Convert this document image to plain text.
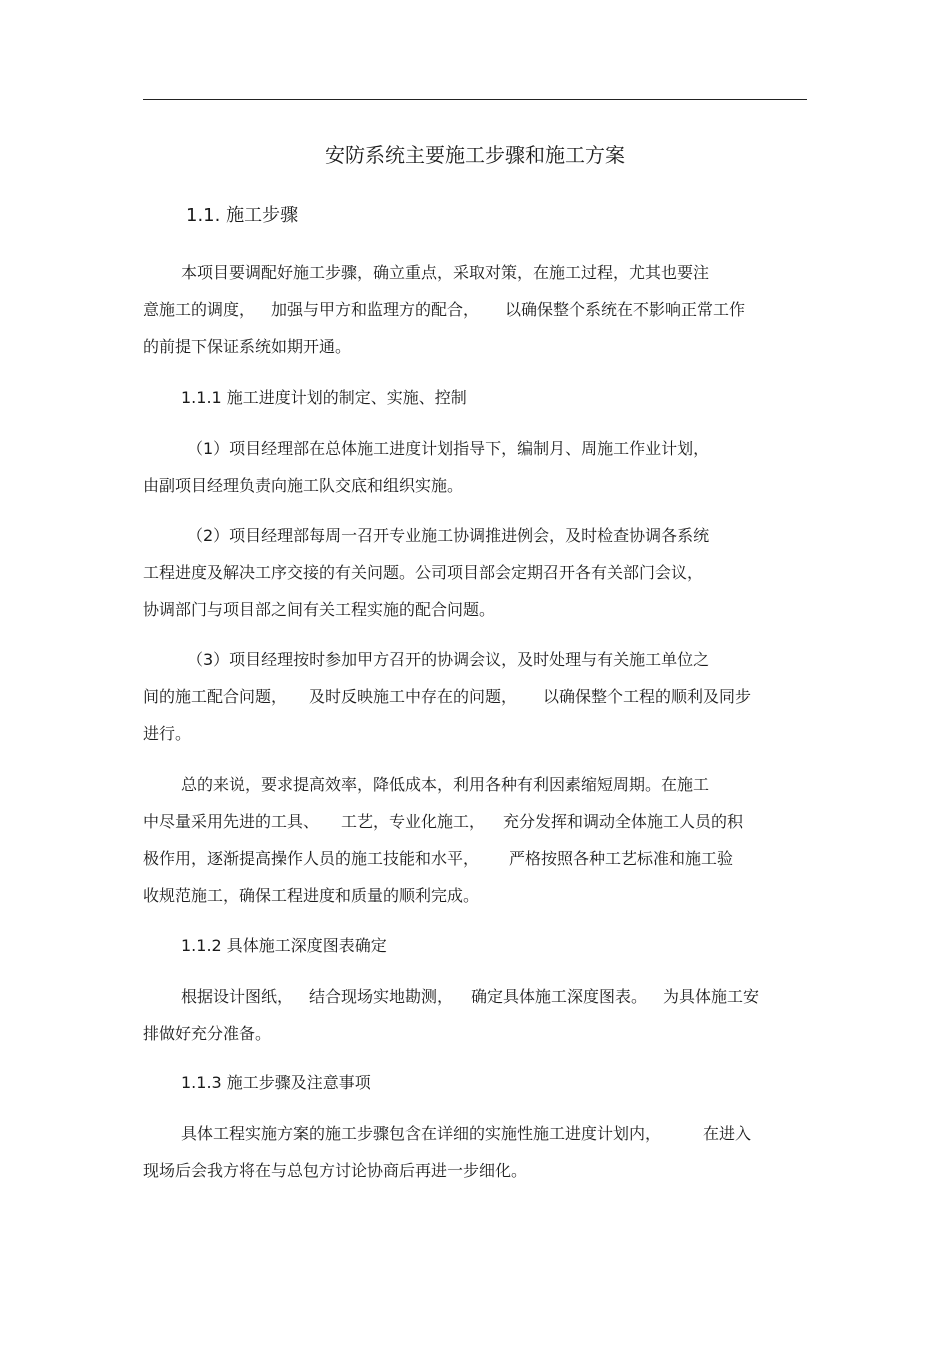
安防系统主要施工步骤和施工方案
1.1. 施工步骤
本项目要调配好施工步骤，确立重点，采取对策，在施工过程，尤其也要注
意施工的调度， 加强与甲方和监理方的配合， 以确保整个系统在不影响正常工作
的前提下保证系统如期开通。
1.1.1 施工进度计划的制定、实施、控制
（1）项目经理部在总体施工进度计划指导下，编制月、周施工作业计划，
由副项目经理负责向施工队交底和组织实施。
（2）项目经理部每周一召开专业施工协调推进例会，及时检查协调各系统
工程进度及解决工序交接的有关问题。公司项目部会定期召开各有关部门会议，
协调部门与项目部之间有关工程实施的配合问题。
（3）项目经理按时参加甲方召开的协调会议，及时处理与有关施工单位之
间的施工配合问题， 及时反映施工中存在的问题， 以确保整个工程的顺利及同步
进行。
总的来说，要求提高效率，降低成本，利用各种有利因素缩短周期。在施工
中尽量采用先进的工具、 工艺，专业化施工， 充分发挥和调动全体施工人员的积
极作用，逐渐提高操作人员的施工技能和水平， 严格按照各种工艺标准和施工验
收规范施工，确保工程进度和质量的顺利完成。
1.1.2 具体施工深度图表确定
根据设计图纸， 结合现场实地勘测， 确定具体施工深度图表。 为具体施工安
排做好充分准备。
1.1.3 施工步骤及注意事项
具体工程实施方案的施工步骤包含在详细的实施性施工进度计划内，	在进入
现场后会我方将在与总包方讨论协商后再进一步细化。
